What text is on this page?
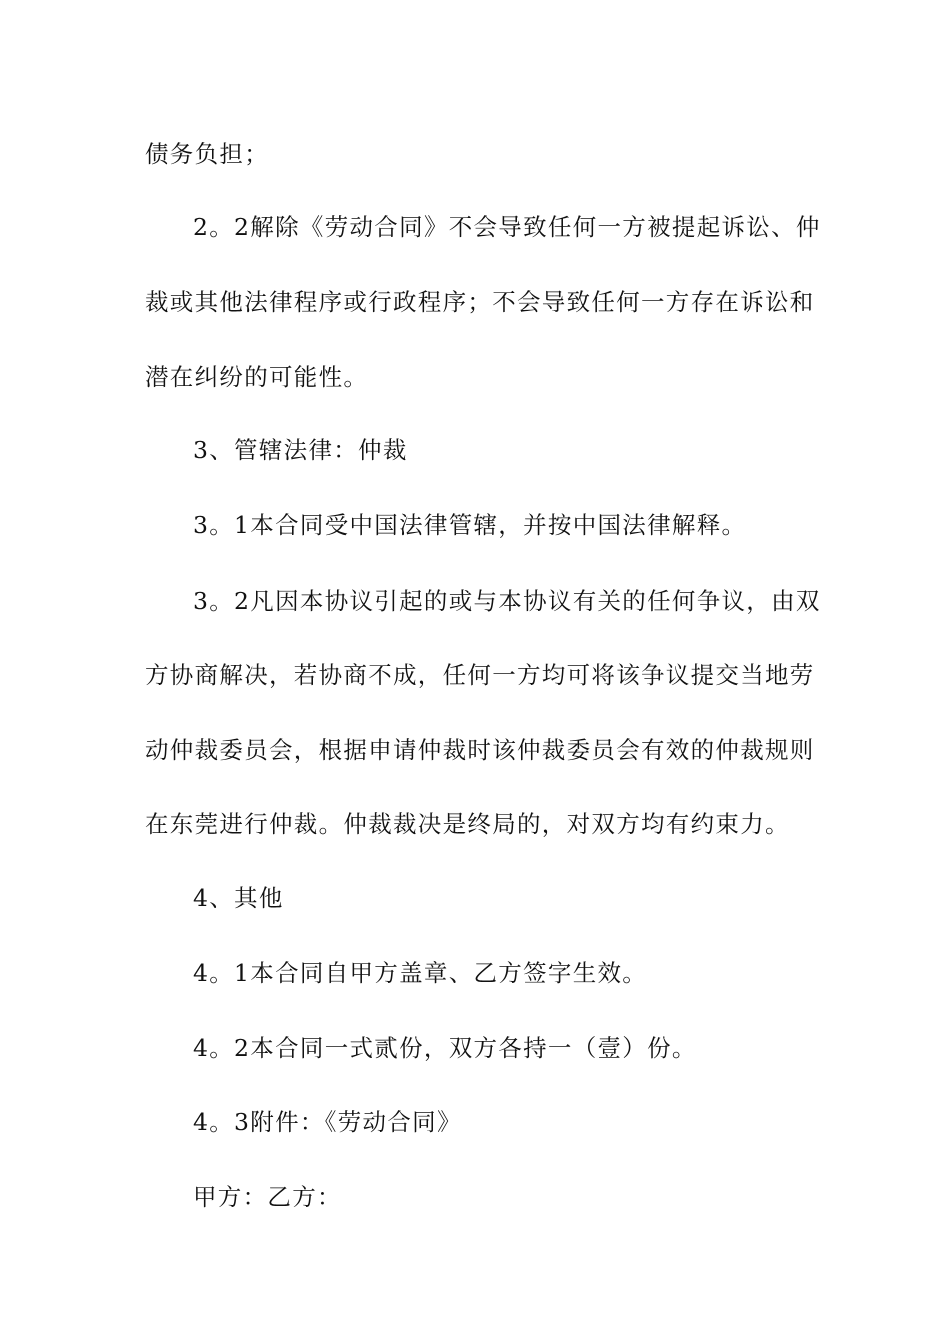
债务负担；
2。2解除《劳动合同》不会导致任何一方被提起诉讼、仲
裁或其他法律程序或行政程序；不会导致任何一方存在诉讼和
潜在纠纷的可能性。
3、管辖法律：仲裁
3。1本合同受中国法律管辖，并按中国法律解释。
3。2凡因本协议引起的或与本协议有关的任何争议，由双
方协商解决，若协商不成，任何一方均可将该争议提交当地劳
动仲裁委员会，根据申请仲裁时该仲裁委员会有效的仲裁规则
在东莞进行仲裁。仲裁裁决是终局的，对双方均有约束力。
4、其他
4。1本合同自甲方盖章、乙方签字生效。
4。2本合同一式贰份，双方各持一（壹）份。
4。3附件：《劳动合同》
甲方：乙方：
